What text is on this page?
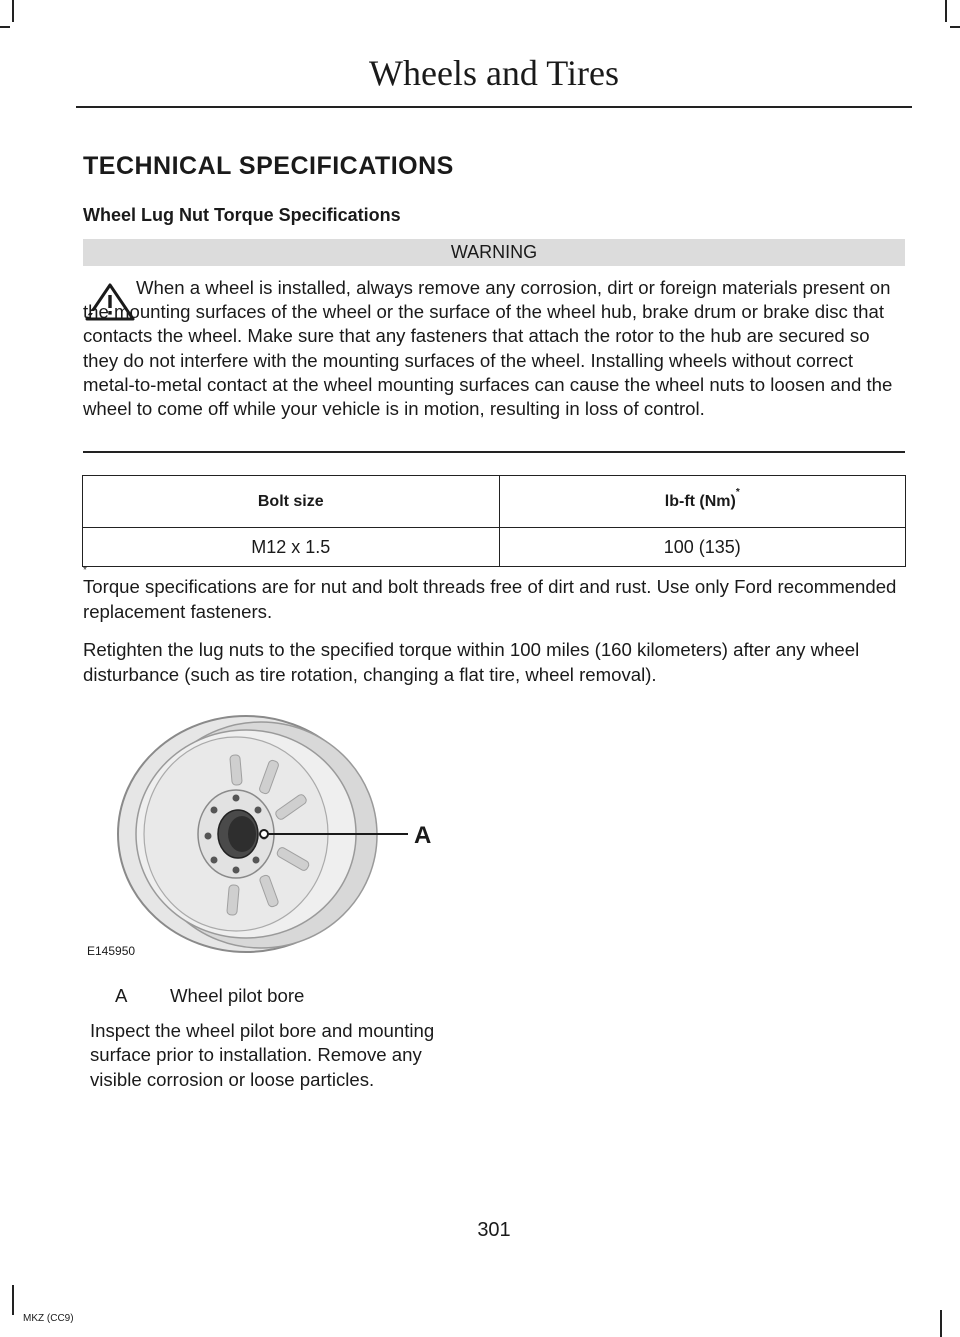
Wheels and Tires
TECHNICAL SPECIFICATIONS
Wheel Lug Nut Torque Specifications
WARNING

When a wheel is installed, always remove any corrosion, dirt or foreign materials present on the mounting surfaces of the wheel or the surface of the wheel hub, brake drum or brake disc that contacts the wheel. Make sure that any fasteners that attach the rotor to the hub are secured so they do not interfere with the mounting surfaces of the wheel. Installing wheels without correct metal-to-metal contact at the wheel mounting surfaces can cause the wheel nuts to loosen and the wheel to come off while your vehicle is in motion, resulting in loss of control.

Bolt size	lb-ft (Nm)*
M12 x 1.5	100 (135)
*

Torque specifications are for nut and bolt threads free of dirt and rust. Use only Ford recommended replacement fasteners.

Retighten the lug nuts to the specified torque within 100 miles (160 kilometers) after any wheel disturbance (such as tire rotation, changing a flat tire, wheel removal).

A
E145950
A Wheel pilot bore

Inspect the wheel pilot bore and mounting surface prior to installation. Remove any visible corrosion or loose particles.

301
MKZ (CC9)
